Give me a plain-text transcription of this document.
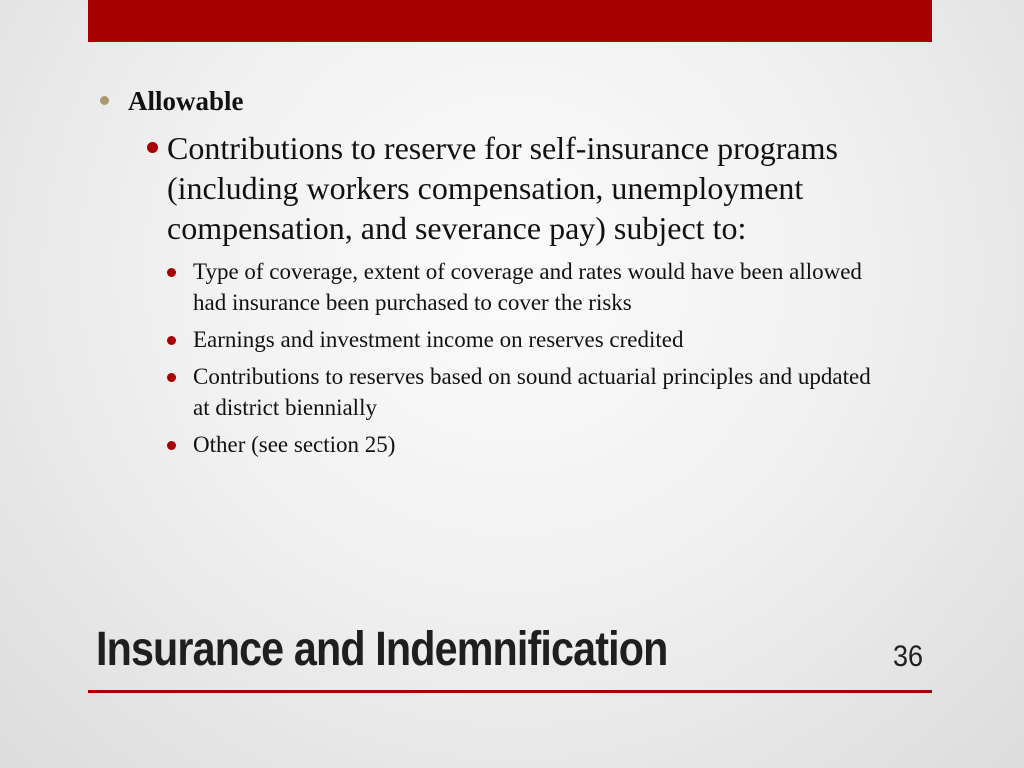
Allowable
Contributions to reserve for self-insurance programs (including workers compensation, unemployment compensation, and severance pay) subject to:
Type of coverage, extent of coverage and rates would have been allowed had insurance been purchased to cover the risks
Earnings and investment income on reserves credited
Contributions to reserves based on sound actuarial principles and updated at district biennially
Other (see section 25)
Insurance and Indemnification	36
